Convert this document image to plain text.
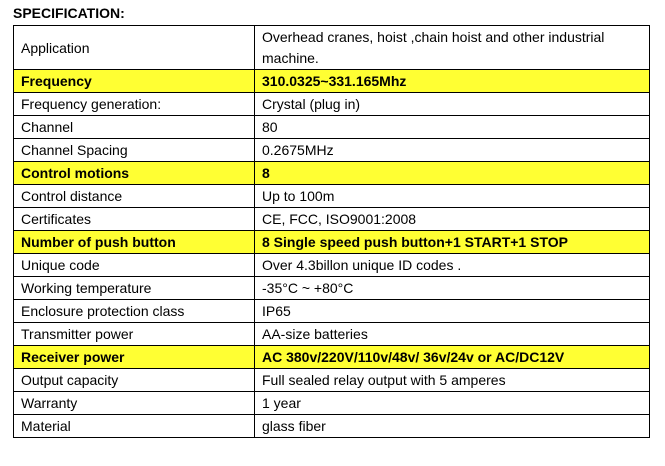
SPECIFICATION:
Application	Overhead cranes, hoist ,chain hoist and other industrial machine.
Frequency	310.0325~331.165Mhz
Frequency generation:	Crystal (plug in)
Channel	80
Channel Spacing	0.2675MHz
Control motions	8
Control distance	Up to 100m
Certificates	CE, FCC, ISO9001:2008
Number of push button	8 Single speed push button+1 START+1 STOP
Unique code	Over 4.3billon unique ID codes .
Working temperature	-35°C ~ +80°C
Enclosure protection class	IP65
Transmitter power	AA-size batteries
Receiver power	AC 380v/220V/110v/48v/ 36v/24v or AC/DC12V
Output capacity	Full sealed relay output with 5 amperes
Warranty	1 year
Material	glass fiber
